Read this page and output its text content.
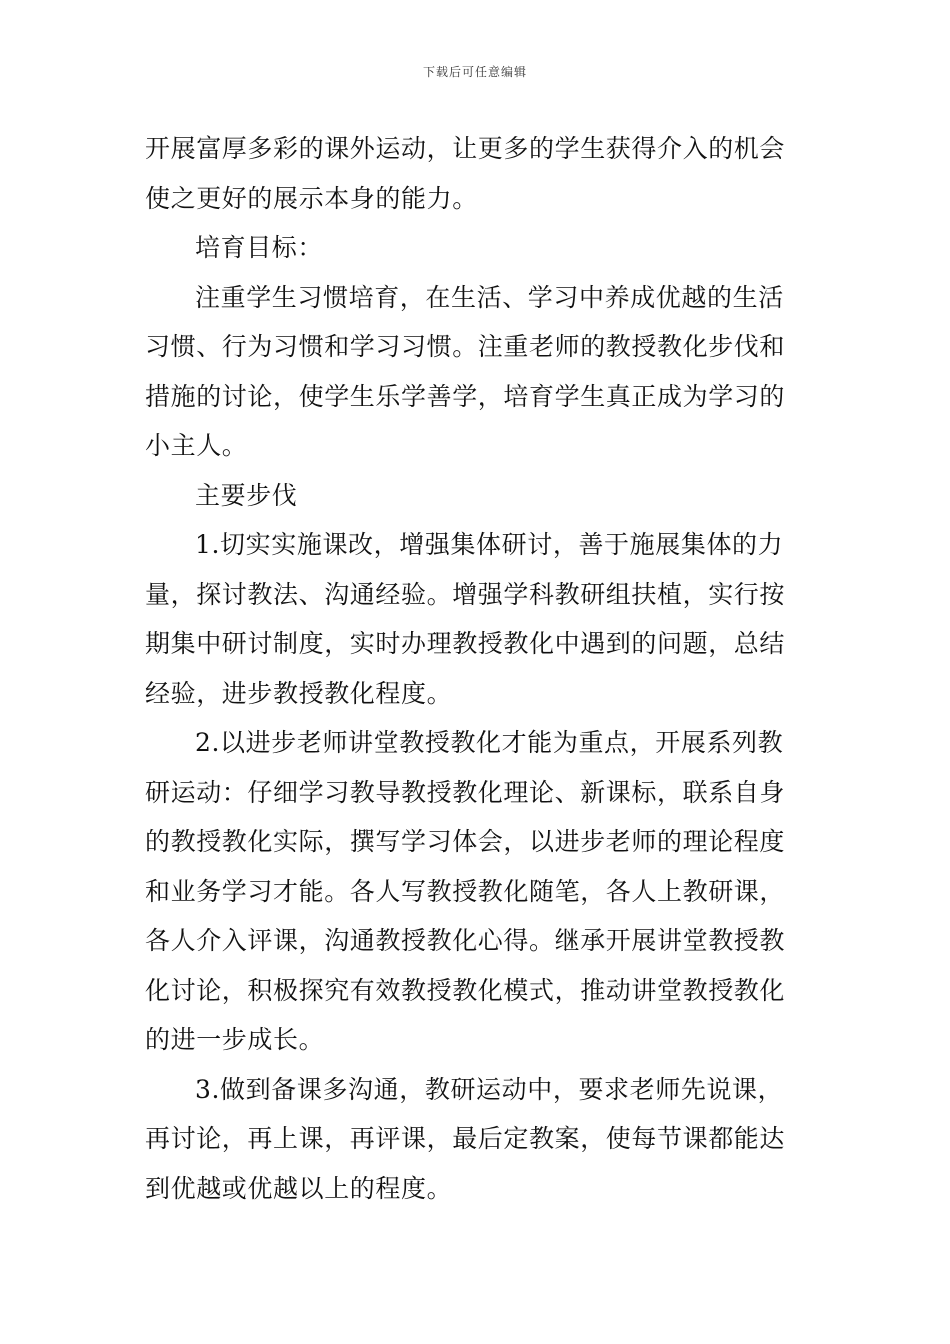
下载后可任意编辑
开展富厚多彩的课外运动，让更多的学生获得介入的机会
使之更好的展示本身的能力。
培育目标：
注重学生习惯培育，在生活、学习中养成优越的生活
习惯、行为习惯和学习习惯。注重老师的教授教化步伐和
措施的讨论，使学生乐学善学，培育学生真正成为学习的
小主人。
主要步伐
1.切实实施课改，增强集体研讨，善于施展集体的力
量，探讨教法、沟通经验。增强学科教研组扶植，实行按
期集中研讨制度，实时办理教授教化中遇到的问题，总结
经验，进步教授教化程度。
2.以进步老师讲堂教授教化才能为重点，开展系列教
研运动：仔细学习教导教授教化理论、新课标，联系自身
的教授教化实际，撰写学习体会，以进步老师的理论程度
和业务学习才能。各人写教授教化随笔，各人上教研课，
各人介入评课，沟通教授教化心得。继承开展讲堂教授教
化讨论，积极探究有效教授教化模式，推动讲堂教授教化
的进一步成长。
3.做到备课多沟通，教研运动中，要求老师先说课，
再讨论，再上课，再评课，最后定教案，使每节课都能达
到优越或优越以上的程度。
